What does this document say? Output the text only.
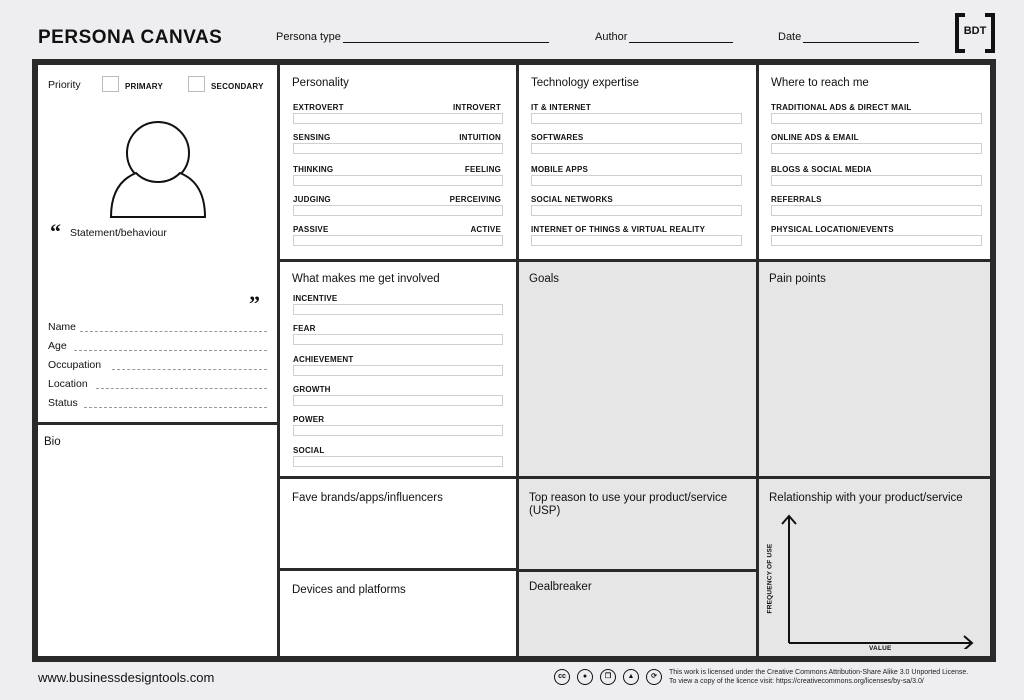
PERSONA CANVAS	Persona type	Author	Date	BDT
Priority	PRIMARY	SECONDARY
“ Statement/behaviour
”
Name
Age
Occupation
Location
Status
Bio
Personality
EXTROVERT	INTROVERT
SENSING	INTUITION
THINKING	FEELING
JUDGING	PERCEIVING
PASSIVE	ACTIVE
Technology expertise
IT & INTERNET
SOFTWARES
MOBILE APPS
SOCIAL NETWORKS
INTERNET OF THINGS & VIRTUAL REALITY
Where to reach me
TRADITIONAL ADS & DIRECT MAIL
ONLINE ADS & EMAIL
BLOGS & SOCIAL MEDIA
REFERRALS
PHYSICAL LOCATION/EVENTS
What makes me get involved
INCENTIVE
FEAR
ACHIEVEMENT
GROWTH
POWER
SOCIAL
Goals	Pain points
Fave brands/apps/influencers
Devices and platforms
Top reason to use your product/service (USP)
Dealbreaker
Relationship with your product/service
FREQUENCY OF USE
VALUE
www.businessdesigntools.com	cc	●	❐	▲	⟳
This work is licensed under the Creative Commons Attribution-Share Alike 3.0 Unported License.
To view a copy of the licence visit: https://creativecommons.org/licenses/by-sa/3.0/
